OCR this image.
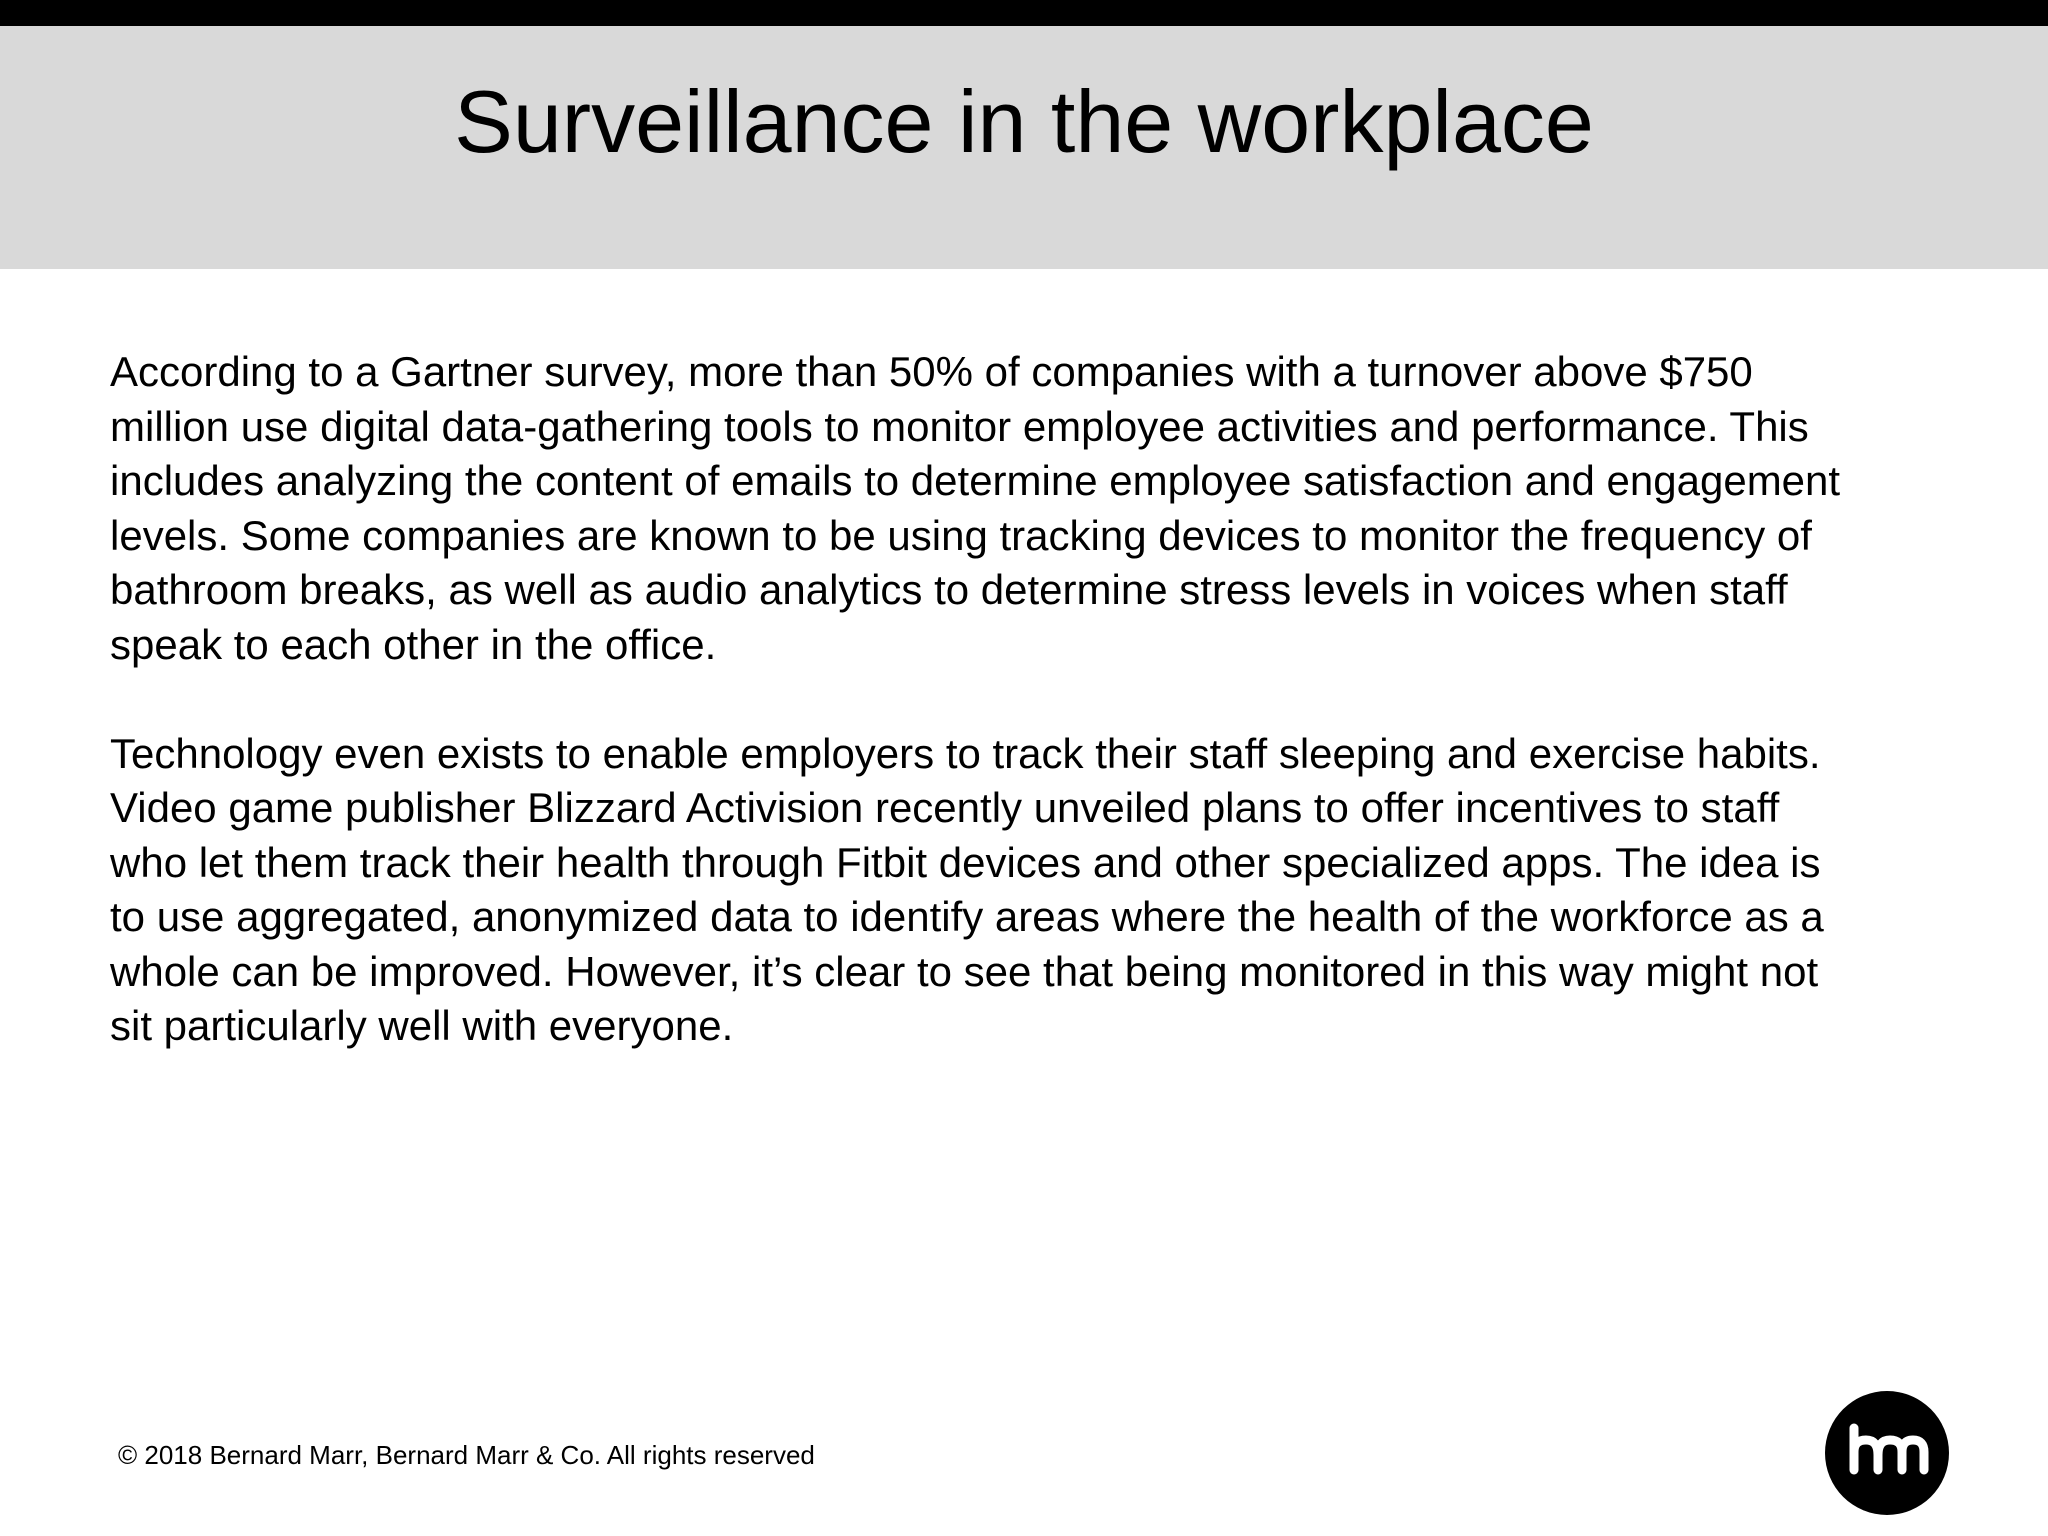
Surveillance in the workplace

According to a Gartner survey, more than 50% of companies with a turnover above $750
million use digital data-gathering tools to monitor employee activities and performance. This
includes analyzing the content of emails to determine employee satisfaction and engagement
levels. Some companies are known to be using tracking devices to monitor the frequency of
bathroom breaks, as well as audio analytics to determine stress levels in voices when staff
speak to each other in the office.

Technology even exists to enable employers to track their staff sleeping and exercise habits.
Video game publisher Blizzard Activision recently unveiled plans to offer incentives to staff
who let them track their health through Fitbit devices and other specialized apps. The idea is
to use aggregated, anonymized data to identify areas where the health of the workforce as a
whole can be improved. However, it’s clear to see that being monitored in this way might not
sit particularly well with everyone.

© 2018 Bernard Marr, Bernard Marr & Co. All rights reserved
